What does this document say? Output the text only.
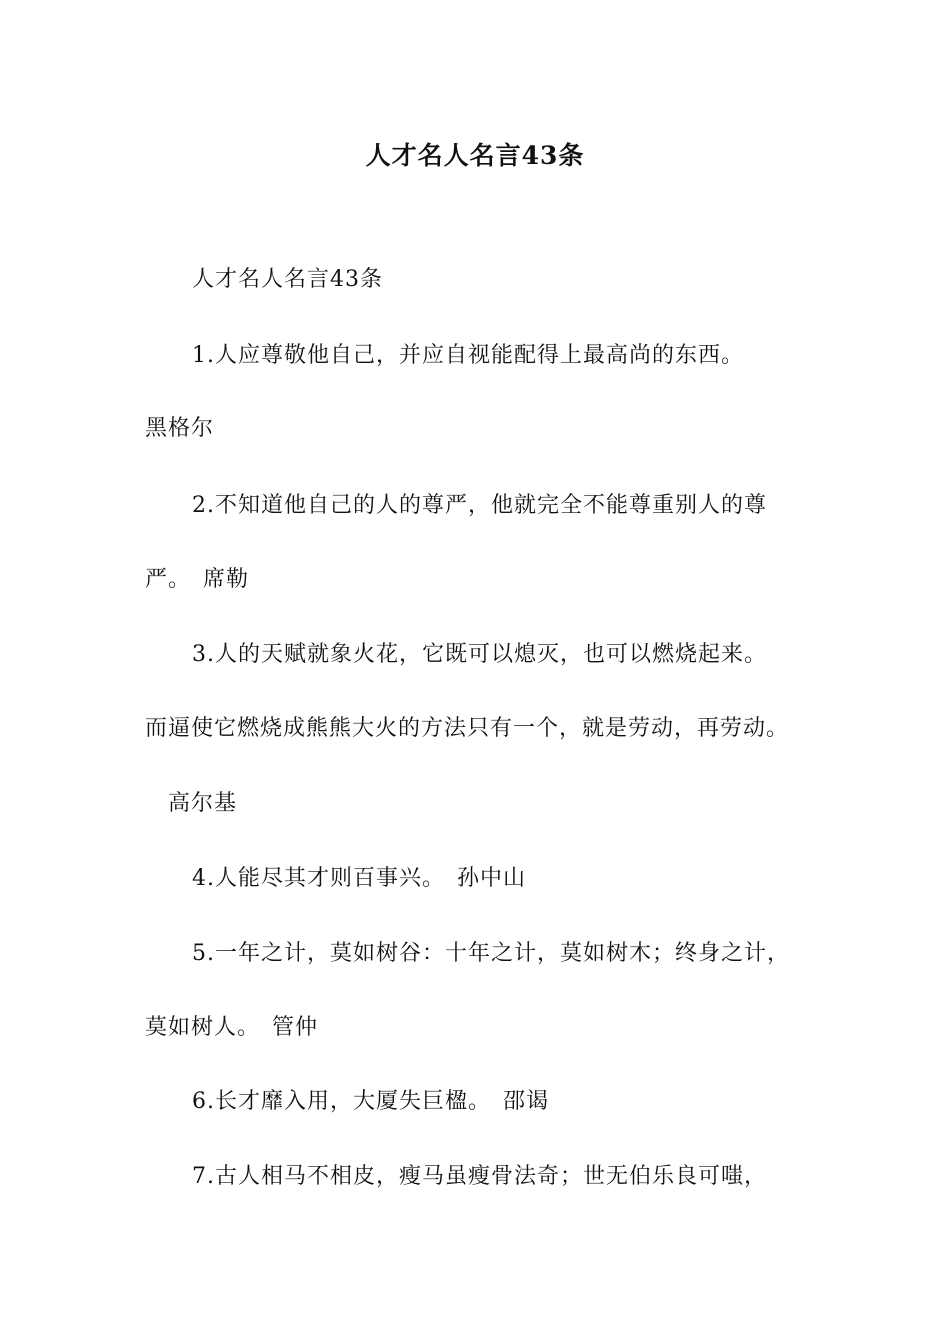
人才名人名言43条
人才名人名言43条
1.人应尊敬他自己，并应自视能配得上最高尚的东西。
黑格尔
2.不知道他自己的人的尊严，他就完全不能尊重别人的尊
严。　席勒
3.人的天赋就象火花，它既可以熄灭，也可以燃烧起来。
而逼使它燃烧成熊熊大火的方法只有一个，就是劳动，再劳动。
高尔基
4.人能尽其才则百事兴。　孙中山
5.一年之计，莫如树谷：十年之计，莫如树木；终身之计，
莫如树人。　管仲
6.长才靡入用，大厦失巨楹。　邵谒
7.古人相马不相皮，瘦马虽瘦骨法奇；世无伯乐良可嗤，
